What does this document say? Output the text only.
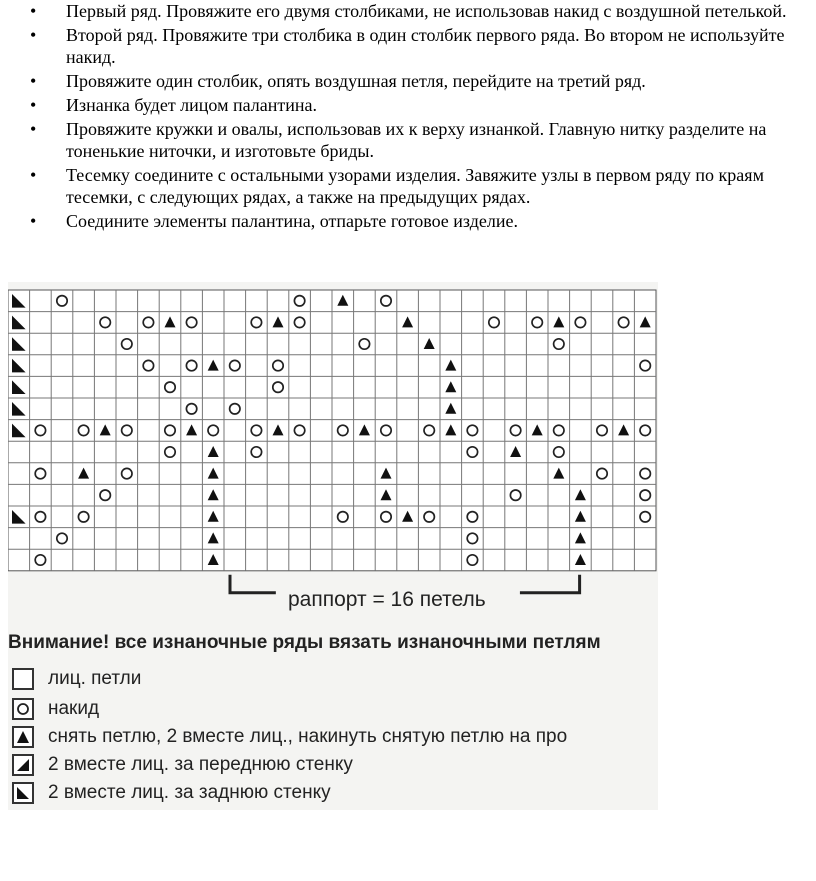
• Первый ряд. Провяжите его двумя столбиками, не использовав накид с воздушной петелькой.
• Второй ряд. Провяжите три столбика в один столбик первого ряда. Во втором не используйте накид.
• Провяжите один столбик, опять воздушная петля, перейдите на третий ряд.
• Изнанка будет лицом палантина.
• Провяжите кружки и овалы, использовав их к верху изнанкой. Главную нитку разделите на тоненькие ниточки, и изготовьте бриды.
• Тесемку соедините с остальными узорами изделия. Завяжите узлы в первом ряду по краям тесемки, с следующих рядах, а также на предыдущих рядах.
• Соедините элементы палантина, отпарьте готовое изделие.
раппорт = 16 петель
Внимание! все изнаночные ряды вязать изнаночными петлям
лиц. петли
накид
снять петлю, 2 вместе лиц., накинуть снятую петлю на про
2 вместе лиц. за переднюю стенку
2 вместе лиц. за заднюю стенку
